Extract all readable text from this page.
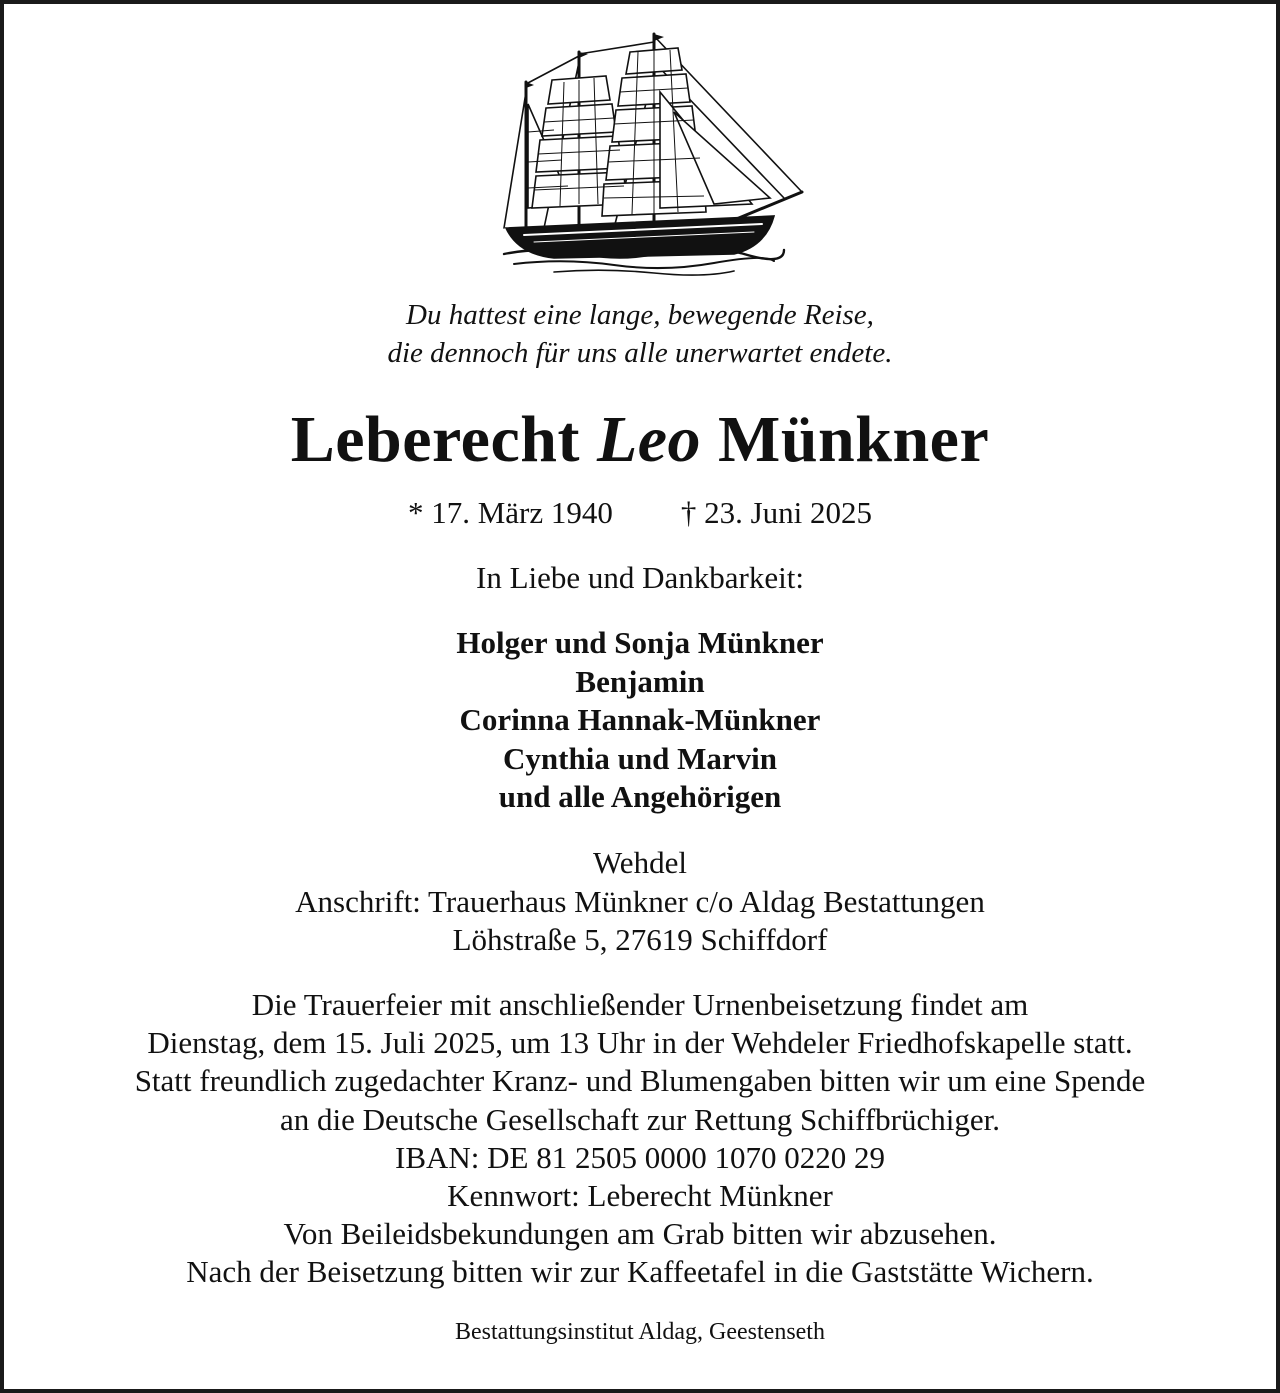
Du hattest eine lange, bewegende Reise,
die dennoch für uns alle unerwartet endete.
Leberecht Leo Münkner
* 17. März 1940 † 23. Juni 2025
In Liebe und Dankbarkeit:
Holger und Sonja Münkner
Benjamin
Corinna Hannak-Münkner
Cynthia und Marvin
und alle Angehörigen
Wehdel
Anschrift: Trauerhaus Münkner c/o Aldag Bestattungen
Löhstraße 5, 27619 Schiffdorf
Die Trauerfeier mit anschließender Urnenbeisetzung findet am
Dienstag, dem 15. Juli 2025, um 13 Uhr in der Wehdeler Friedhofskapelle statt.
Statt freundlich zugedachter Kranz- und Blumengaben bitten wir um eine Spende
an die Deutsche Gesellschaft zur Rettung Schiffbrüchiger.
IBAN: DE 81 2505 0000 1070 0220 29
Kennwort: Leberecht Münkner
Von Beileidsbekundungen am Grab bitten wir abzusehen.
Nach der Beisetzung bitten wir zur Kaffeetafel in die Gaststätte Wichern.
Bestattungsinstitut Aldag, Geestenseth
